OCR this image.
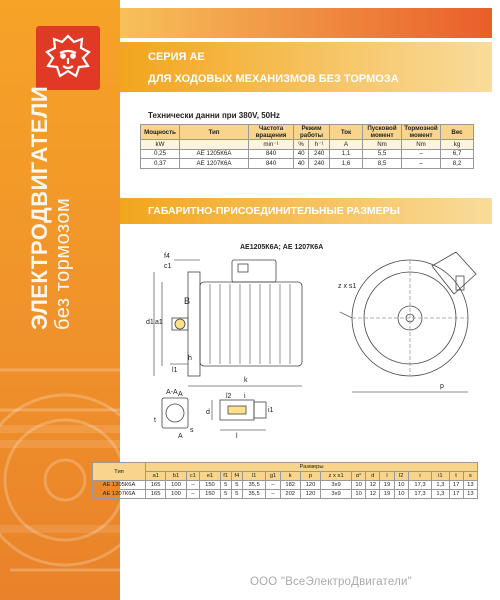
ЭЛЕКТРОДВИГАТЕЛИ без тормозом
СЕРИЯ АЕ
ДЛЯ ХОДОВЫХ МЕХАНИЗМОВ БЕЗ ТОРМОЗА
Технически данни при 380V, 50Hz
Мощность	Тип	Частота вращения	Режим работы		Ток	Пусковой момент	Тормозной момент	Вес
kW		min⁻¹	%	h⁻¹	A	Nm	Nm	kg
0,25	АЕ 1205К6А	840	40	240	1,1	5,5	–	6,7
0,37	АЕ 1207К6А	840	40	240	1,6	8,5	–	8,2
ГАБАРИТНО-ПРИСОЕДИНИТЕЛЬНЫЕ РАЗМЕРЫ
АЕ1205К6А; АЕ 1207К6А
f4
c1
B
h
d1 a1
k
l1
z x s1
p
A
A
А-А
d
l
l2
t
s
i
i1
Тип	Размеры																		
	a1	b1	c1	e1	f1	f4	l1	g1	k	p	z x s1	α°	d	l	l2	i	i1	t	s
АЕ 1205К6А	165	100	–	150	5	5	35,5	–	182	120	3x9	10	12	19	10	17,3	1,3	17	13
АЕ 1207К6А	165	100	–	150	5	5	35,5	–	202	120	3x9	10	12	19	10	17,3	1,3	17	13
ООО "ВсеЭлектроДвигатели"
